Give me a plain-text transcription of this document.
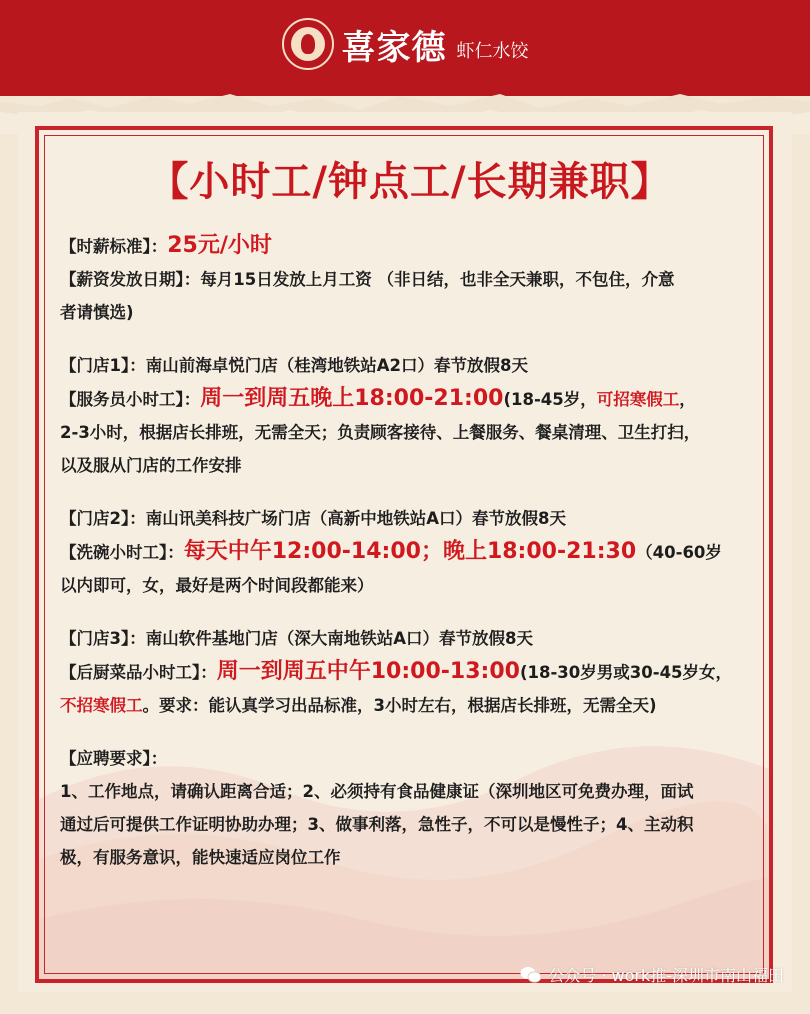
喜家德 虾仁水饺
【小时工/钟点工/长期兼职】
【时薪标准】：25元/小时
【薪资发放日期】：每月15日发放上月工资 （非日结，也非全天兼职，不包住，介意
者请慎选)
【门店1】：南山前海卓悦门店（桂湾地铁站A2口）春节放假8天
【服务员小时工】：周一到周五晚上18:00-21:00(18-45岁，可招寒假工，
2-3小时，根据店长排班，无需全天；负责顾客接待、上餐服务、餐桌清理、卫生打扫，
以及服从门店的工作安排
【门店2】：南山讯美科技广场门店（高新中地铁站A口）春节放假8天
【洗碗小时工】：每天中午12:00-14:00；晚上18:00-21:30（40-60岁
以内即可，女，最好是两个时间段都能来）
【门店3】：南山软件基地门店（深大南地铁站A口）春节放假8天
【后厨菜品小时工】：周一到周五中午10:00-13:00(18-30岁男或30-45岁女，
不招寒假工。要求：能认真学习出品标准，3小时左右，根据店长排班，无需全天)
【应聘要求】：
1、工作地点，请确认距离合适；2、必须持有食品健康证（深圳地区可免费办理，面试
通过后可提供工作证明协助办理；3、做事利落，急性子，不可以是慢性子；4、主动积
极，有服务意识，能快速适应岗位工作
公众号 · work推-深圳市南山福田
